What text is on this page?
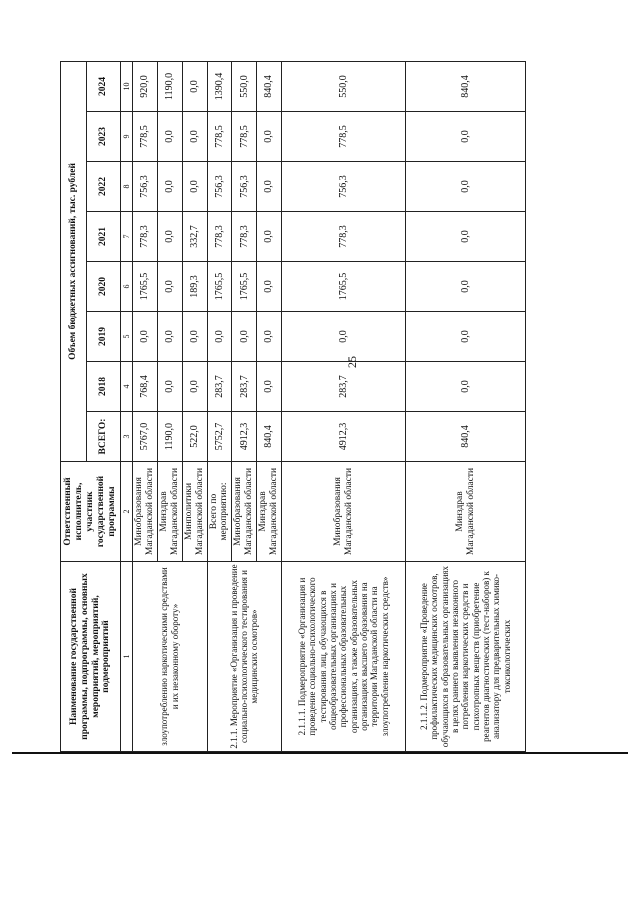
25
Наименование государственной программы, подпрограммы, основных мероприятий, мероприятий, подмероприятий	Ответственный исполнитель, участник государственной программы	Объем бюджетных ассигнований, тыс. рублей							
		ВСЕГО:	2018	2019	2020	2021	2022	2023	2024
1	2	3	4	5	6	7	8	9	10
злоупотреблению наркотическими средствами и их незаконному обороту»	Минобразования Магаданской области	5767,0	768,4	0,0	1765,5	778,3	756,3	778,5	920,0
	Минздрав Магаданской области	1190,0	0,0	0,0	0,0	0,0	0,0	0,0	1190,0
	Минполитики Магаданской области	522,0	0,0	0,0	189,3	332,7	0,0	0,0	0,0
2.1.1. Мероприятие «Организация и проведение социально-психологического тестирования и медицинских осмотров»	Всего по мероприятию:	5752,7	283,7	0,0	1765,5	778,3	756,3	778,5	1390,4
	Минобразования Магаданской области	4912,3	283,7	0,0	1765,5	778,3	756,3	778,5	550,0
	Минздрав Магаданской области	840,4	0,0	0,0	0,0	0,0	0,0	0,0	840,4
2.1.1.1. Подмероприятие «Организация и проведение социально-психологического тестирования лиц, обучающихся в общеобразовательных организациях и профессиональных образовательных организациях, а также образовательных организациях высшего образования на территории Магаданской области на злоупотребление наркотических средств»	Минобразования Магаданской области	4912,3	283,7	0,0	1765,5	778,3	756,3	778,5	550,0
2.1.1.2. Подмероприятие «Проведение профилактических медицинских осмотров, обучающихся в образовательных организациях в целях раннего выявления незаконного потребления наркотических средств и психотропных веществ (приобретение реагентов диагностических (тест-наборов) к анализатору для предварительных химико-токсикологических	Минздрав Магаданской области	840,4	0,0	0,0	0,0	0,0	0,0	0,0	840,4
